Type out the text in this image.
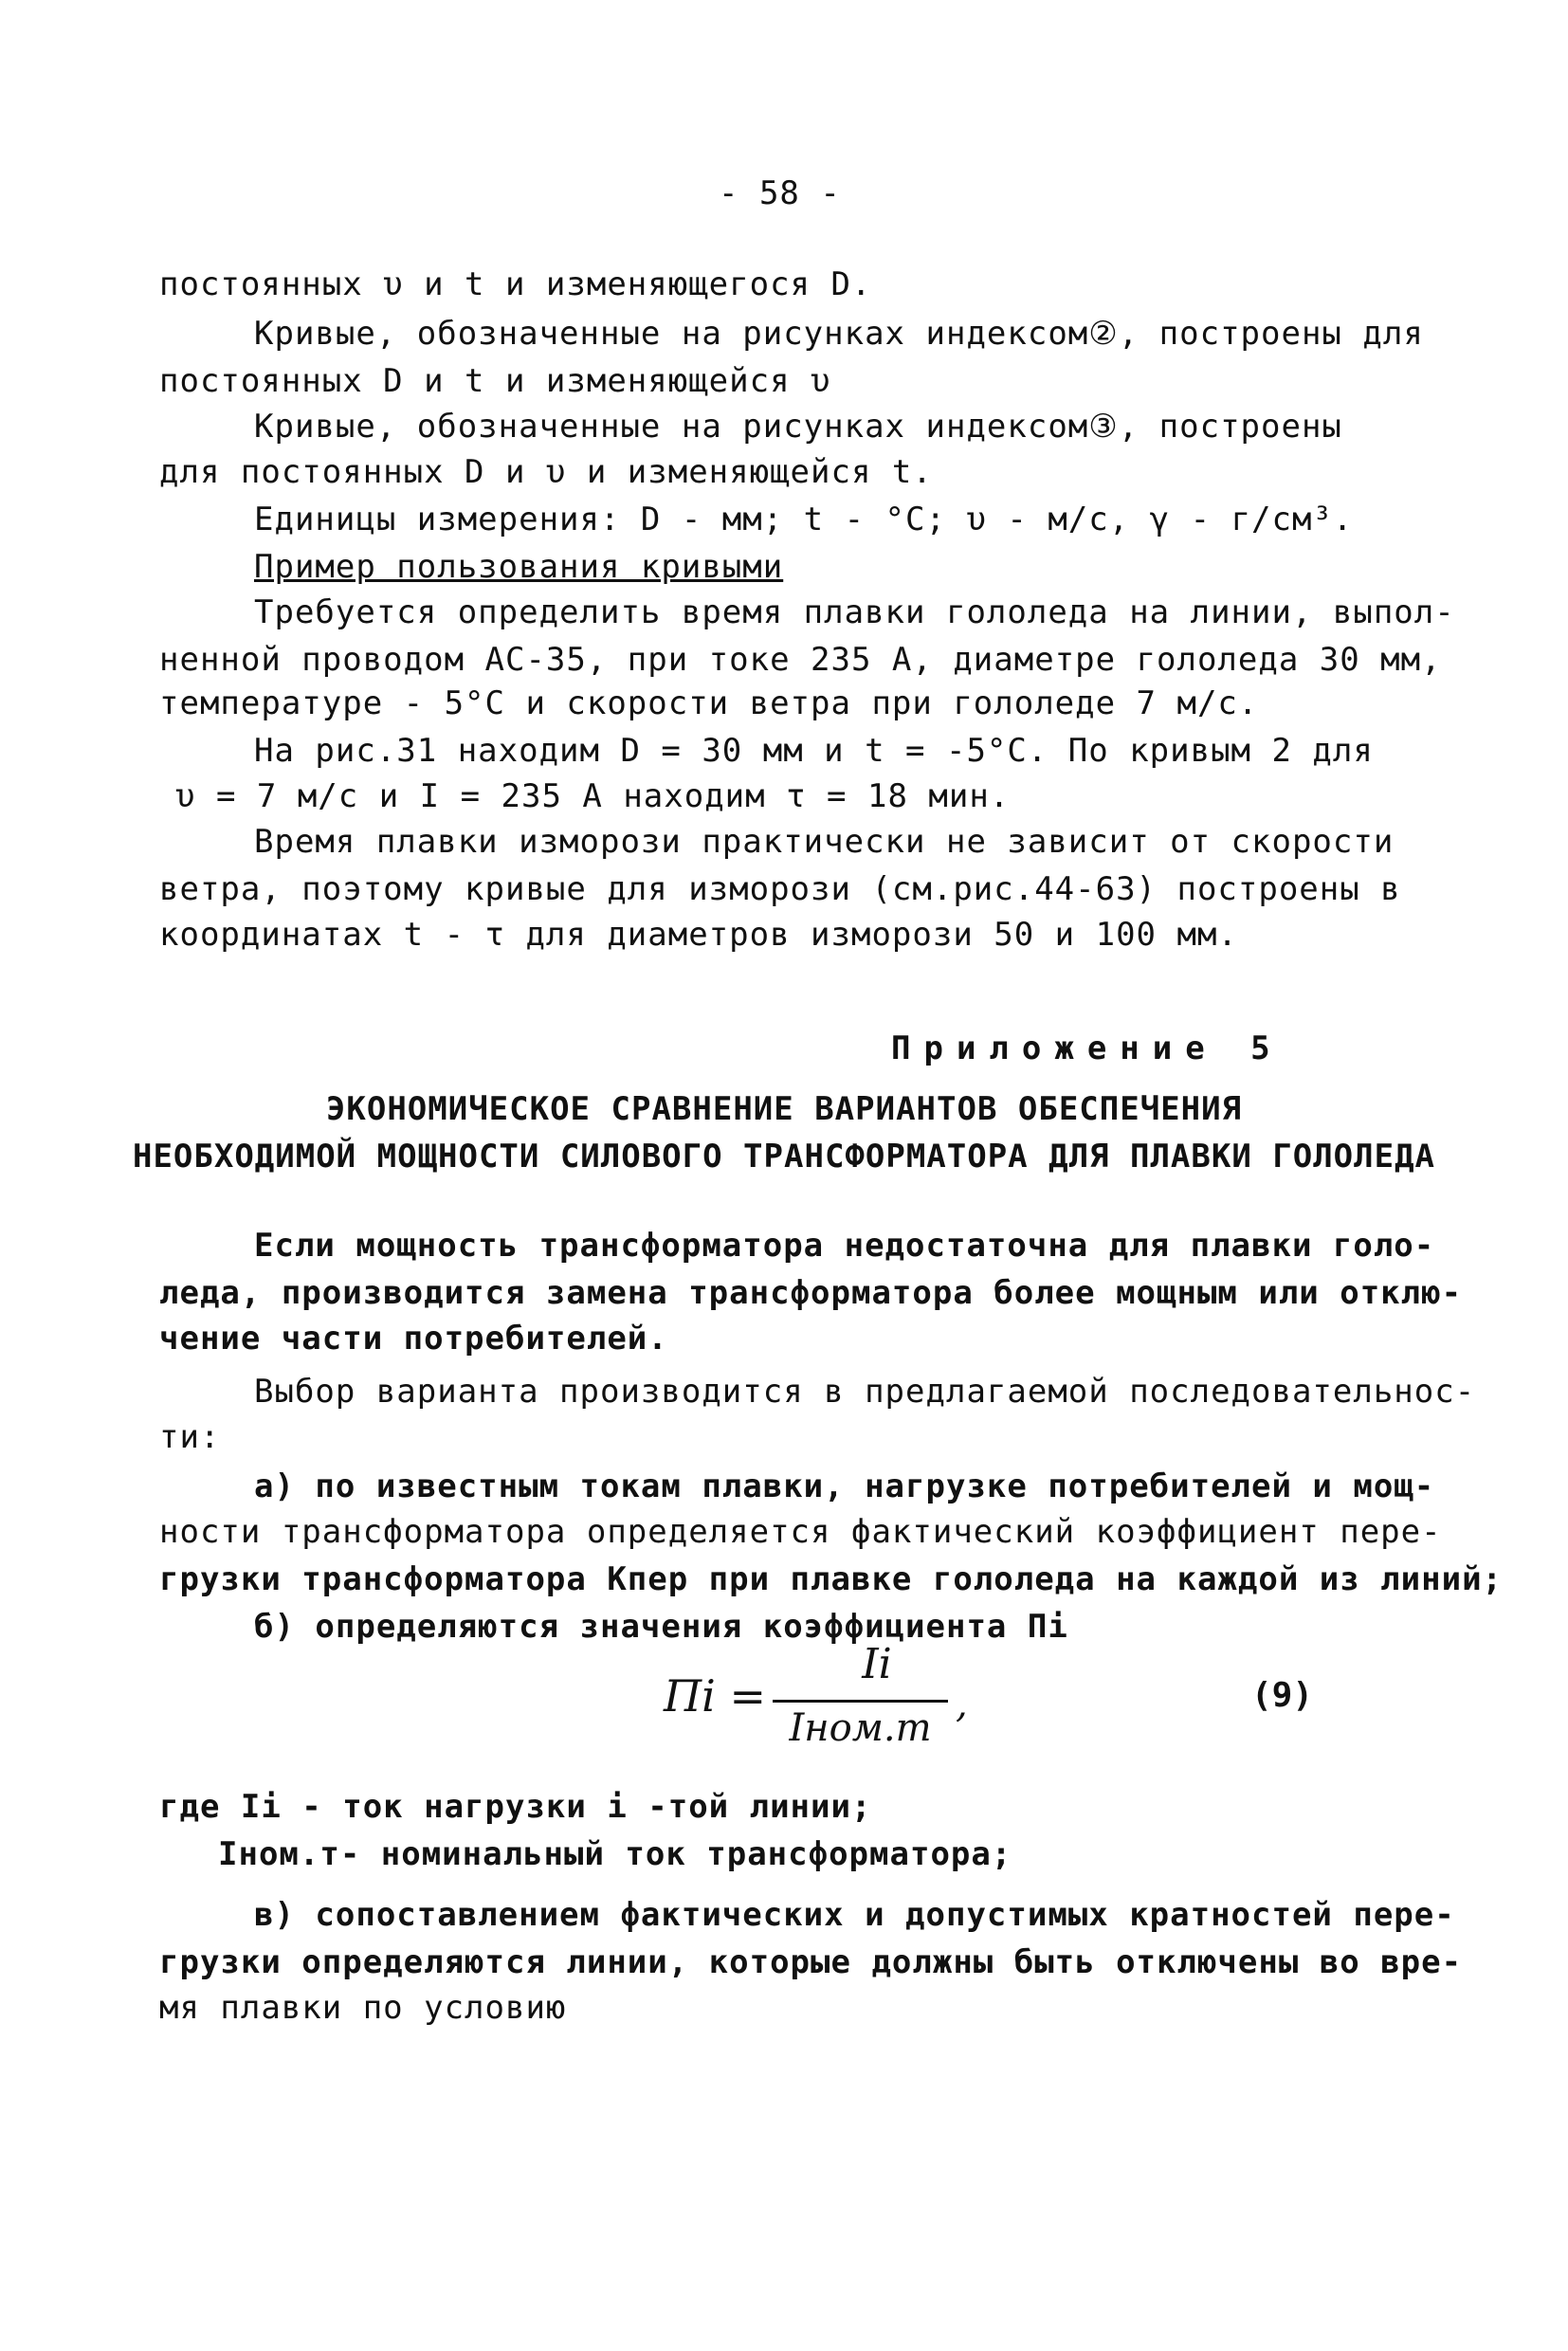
- 58 -
постоянных υ и t и изменяющегося D.
Кривые, обозначенные на рисунках индексом②, построены для
постоянных D и t и изменяющейся υ
Кривые, обозначенные на рисунках индексом③, построены
для постоянных D и υ и изменяющейся t.
Единицы измерения: D - мм; t - °C; υ - м/с, γ - г/см³.
Пример пользования кривыми
Требуется определить время плавки гололеда на линии, выпол-
ненной проводом АС-35, при токе 235 А, диаметре гололеда 30 мм,
температуре - 5°С и скорости ветра при гололеде 7 м/с.
На рис.31 находим D = 30 мм и t = -5°С. По кривым 2 для
υ = 7 м/с и I = 235 А находим τ = 18 мин.
Время плавки изморози практически не зависит от скорости
ветра, поэтому кривые для изморози (см.рис.44-63) построены в
координатах t - τ для диаметров изморози 50 и 100 мм.
Приложение 5
ЭКОНОМИЧЕСКОЕ СРАВНЕНИЕ ВАРИАНТОВ ОБЕСПЕЧЕНИЯ
НЕОБХОДИМОЙ МОЩНОСТИ СИЛОВОГО ТРАНСФОРМАТОРА ДЛЯ ПЛАВКИ ГОЛОЛЕДА
Если мощность трансформатора недостаточна для плавки голо-
леда, производится замена трансформатора более мощным или отклю-
чение части потребителей.
Выбор варианта производится в предлагаемой последовательнос-
ти:
а) по известным токам плавки, нагрузке потребителей и мощ-
ности трансформатора определяется фактический коэффициент пере-
грузки трансформатора Kпер при плавке гололеда на каждой из линий;
б) определяются значения коэффициента Пi
Пi =
Ii
Iном.т
,	(9)
где Ii - ток нагрузки i -той линии;
Iном.т- номинальный ток трансформатора;
в) сопоставлением фактических и допустимых кратностей пере-
грузки определяются линии, которые должны быть отключены во вре-
мя плавки по условию
